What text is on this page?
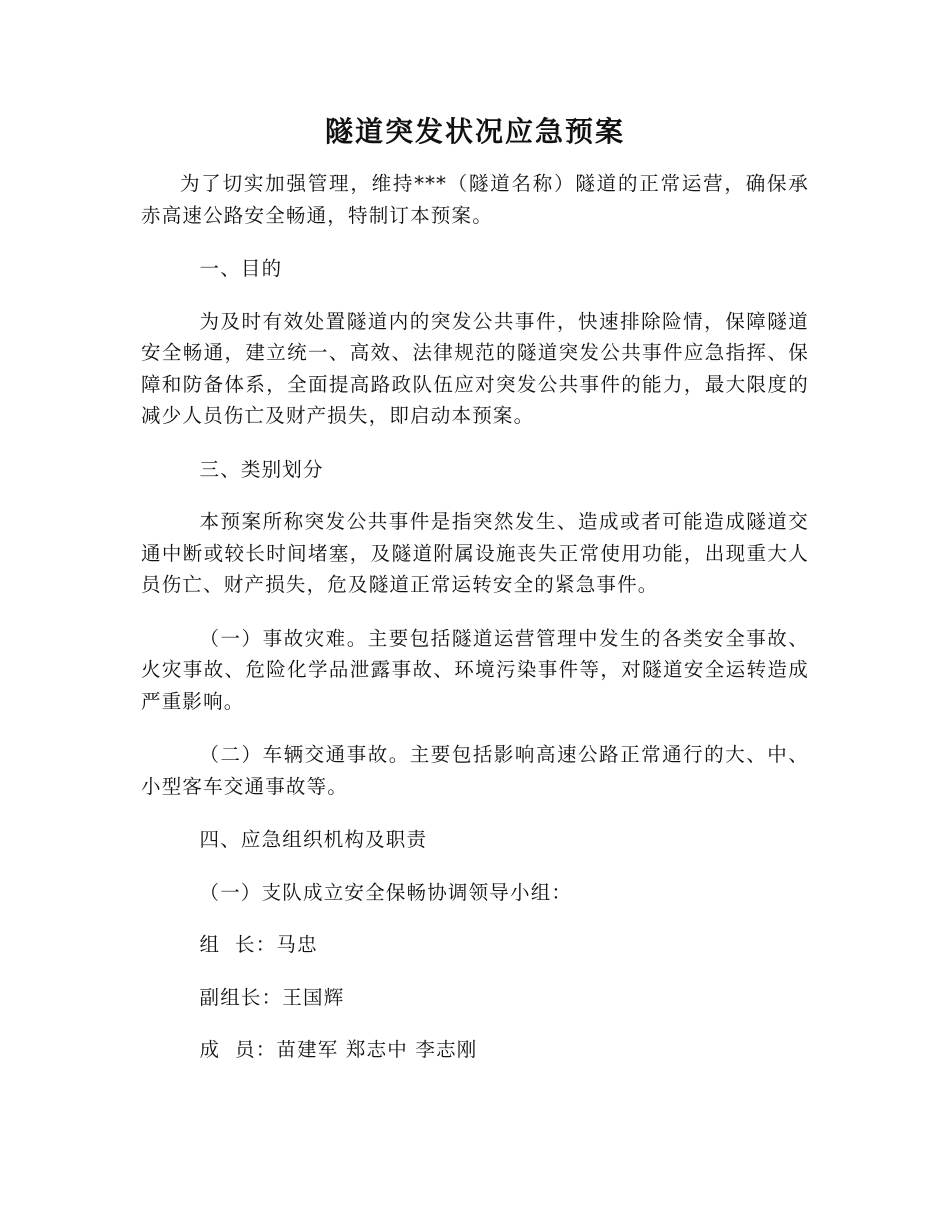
隧道突发状况应急预案

为了切实加强管理，维持***（隧道名称）隧道的正常运营，确保承赤高速公路安全畅通，特制订本预案。

一、目的

为及时有效处置隧道内的突发公共事件，快速排除险情，保障隧道安全畅通，建立统一、高效、法律规范的隧道突发公共事件应急指挥、保障和防备体系，全面提高路政队伍应对突发公共事件的能力，最大限度的减少人员伤亡及财产损失，即启动本预案。

三、类别划分

本预案所称突发公共事件是指突然发生、造成或者可能造成隧道交通中断或较长时间堵塞，及隧道附属设施丧失正常使用功能，出现重大人员伤亡、财产损失，危及隧道正常运转安全的紧急事件。

（一）事故灾难。主要包括隧道运营管理中发生的各类安全事故、火灾事故、危险化学品泄露事故、环境污染事件等，对隧道安全运转造成严重影响。

（二）车辆交通事故。主要包括影响高速公路正常通行的大、中、小型客车交通事故等。

四、应急组织机构及职责

（一）支队成立安全保畅协调领导小组：

组  长：马忠

副组长：王国辉

成  员：苗建军 郑志中 李志刚
